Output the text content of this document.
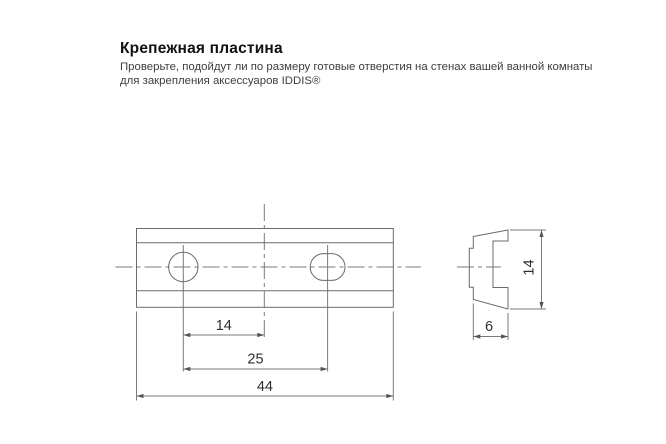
Крепежная пластина
Проверьте, подойдут ли по размеру готовые отверстия на стенах вашей ванной комнаты
для закрепления аксессуаров IDDIS®
14
25
44
14
6
